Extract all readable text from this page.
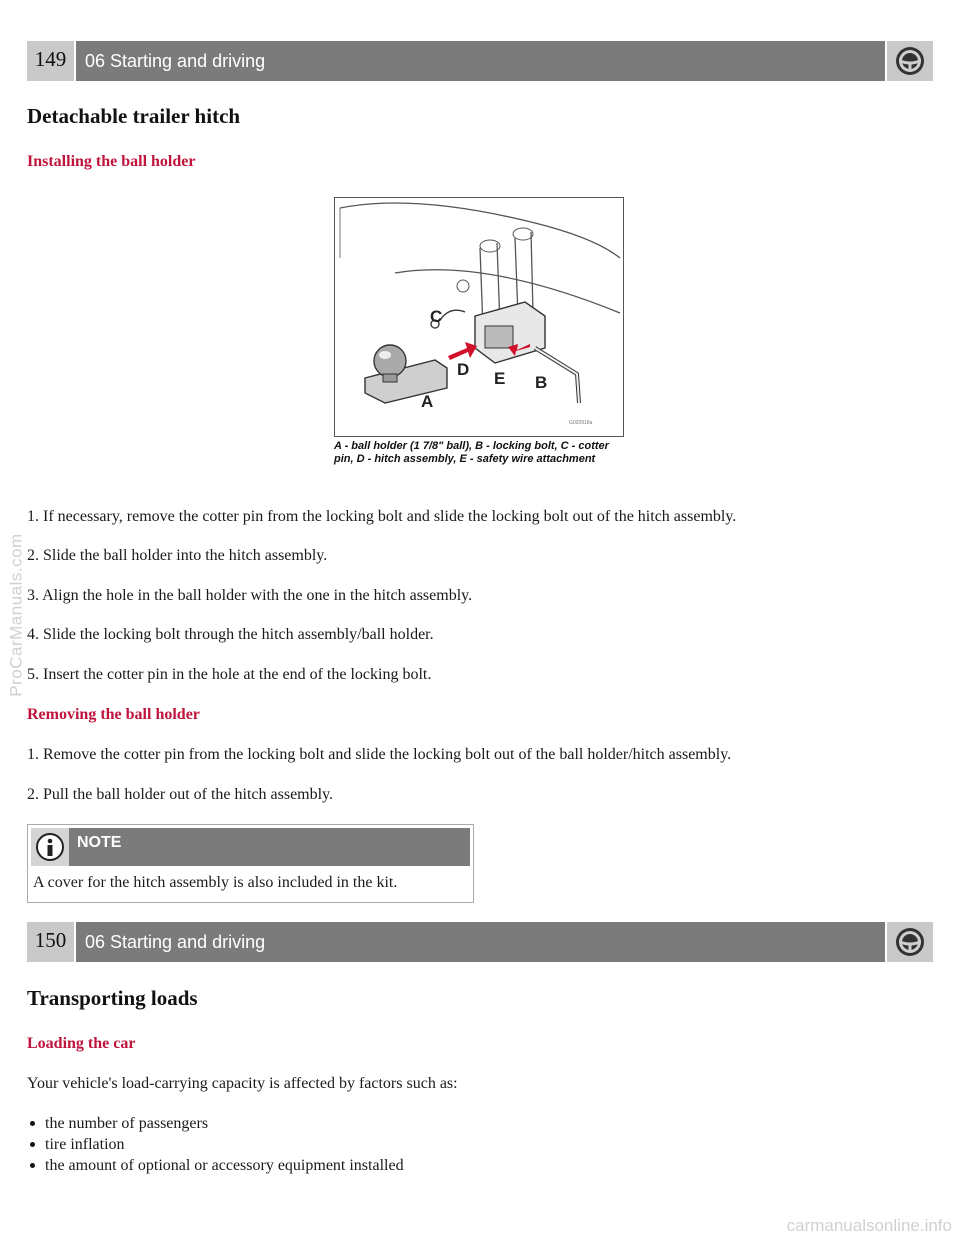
149	06 Starting and driving
Detachable trailer hitch
Installing the ball holder
C
D E B
A
G020918a
A - ball holder (1 7/8" ball), B - locking bolt, C - cotter pin, D - hitch assembly, E - safety wire attachment
1. If necessary, remove the cotter pin from the locking bolt and slide the locking bolt out of the hitch assembly.
2. Slide the ball holder into the hitch assembly.
3. Align the hole in the ball holder with the one in the hitch assembly.
4. Slide the locking bolt through the hitch assembly/ball holder.
5. Insert the cotter pin in the hole at the end of the locking bolt.
Removing the ball holder
1. Remove the cotter pin from the locking bolt and slide the locking bolt out of the ball holder/hitch assembly.
2. Pull the ball holder out of the hitch assembly.
NOTE
A cover for the hitch assembly is also included in the kit.
150	06 Starting and driving
Transporting loads
Loading the car
Your vehicle's load-carrying capacity is affected by factors such as:
the number of passengers
tire inflation
the amount of optional or accessory equipment installed
ProCarManuals.com
carmanualsonline.info
